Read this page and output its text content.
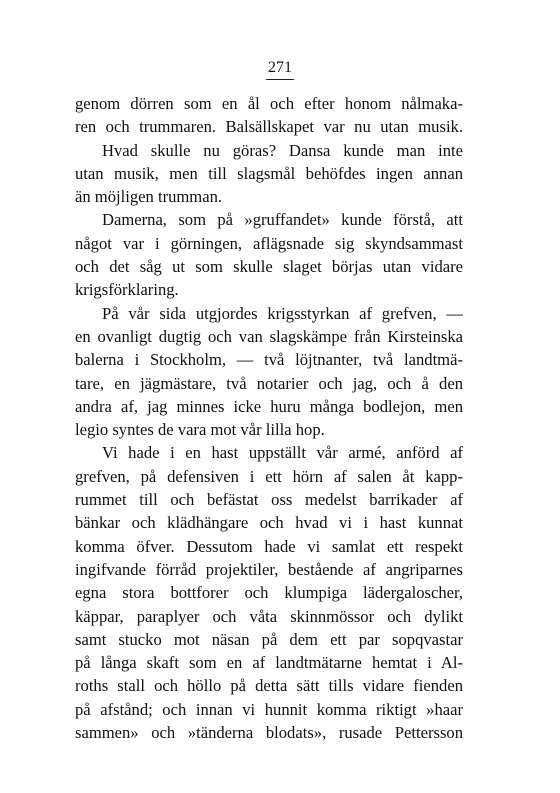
271
genom dörren som en ål och efter honom nålmaka-
ren och trummaren. Balsällskapet var nu utan musik.
Hvad skulle nu göras? Dansa kunde man inte
utan musik, men till slagsmål behöfdes ingen annan
än möjligen trumman.
Damerna, som på »gruffandet» kunde förstå, att
något var i görningen, aflägsnade sig skyndsammast
och det såg ut som skulle slaget börjas utan vidare
krigsförklaring.
På vår sida utgjordes krigsstyrkan af grefven, —
en ovanligt dugtig och van slagskämpe från Kirsteinska
balerna i Stockholm, — två löjtnanter, två landtmä-
tare, en jägmästare, två notarier och jag, och å den
andra af, jag minnes icke huru många bodlejon, men
legio syntes de vara mot vår lilla hop.
Vi hade i en hast uppställt vår armé, anförd af
grefven, på defensiven i ett hörn af salen åt kapp-
rummet till och befästat oss medelst barrikader af
bänkar och klädhängare och hvad vi i hast kunnat
komma öfver. Dessutom hade vi samlat ett respekt
ingifvande förråd projektiler, bestående af angriparnes
egna stora bottforer och klumpiga lädergaloscher,
käppar, paraplyer och våta skinnmössor och dylikt
samt stucko mot näsan på dem ett par sopqvastar
på långa skaft som en af landtmätarne hemtat i Al-
roths stall och höllo på detta sätt tills vidare fienden
på afstånd; och innan vi hunnit komma riktigt »haar
sammen» och »tänderna blodats», rusade Pettersson
